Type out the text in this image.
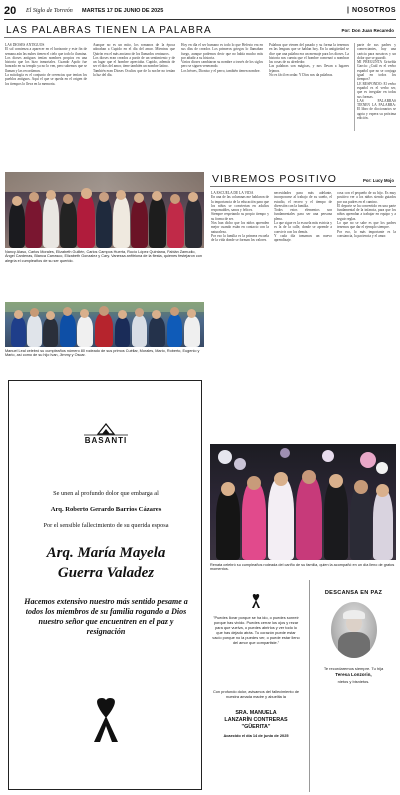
20 El Siglo de Torreón MARTES 17 DE JUNIO DE 2025	| NOSOTROS
LAS PALABRAS TIENEN LA PALABRA	Por: Don Juan Recaredo
LAS DIOSES ANTIGUOS
El sol comienza a aparecer en el horizonte y este fin de semana aún las nubes tienen el cielo que todo lo ilumina. Los dioses antiguos tenían nombres propios en una historia que los hizo inmortales. Cuando Apolo fue honrado en su templo ya no lo ven, pero sabemos que se llaman y las recordamos.
La mitología es el conjunto de creencias que tenían los pueblos antiguos. Aquí el que se queda en el origen de los tiempos lo lleva en la memoria.
Aunque no es un mito, los romanos de la época adoraban a Cupido en el día del amor. Mientras que Quirón era el más anciano de los llamados centauros.
Los dioses eran creados a partir de un sentimiento y de un lugar que el hombre apreciaba. Cupido, además de ser el dios del amor, tiene también un nombre latino.
También eran Dioses Ocultos que de la noche no tenían la luz del día.
Hoy en día el ser humano es todo lo que Hefesto era en sus días de creador. Los primeros griegos lo llamaban fuego, aunque podemos decir que no había mucho más por añadir a su historia.
Varios dioses cambiaron su nombre a través de los siglos pero se siguen venerando.
Los héroes, Dioniso y el perro, también tienen nombre.
Palabras que vienen del pasado y su forma la tenemos en las lenguas que se hablan hoy. En la antigüedad se dice que una palabra era un mensaje para los dioses. La historia nos cuenta que el hombre comenzó a nombrar las cosas de su alrededor.
Las palabras son mágicas, y nos llevan a lugares lejanos.
No es fácil recordar. Y Dios nos da palabras.
parte de sus padres y comerciantes, hay una caricia para nosotros y un dolor que se guardó.
MI PREGUNTA Griselda García: ¿Cuál es el verbo español que no se conjuga igual en todos los tiempos?
LE RESPONDO: El verbo español es el verbo ser, que es irregular en todas sus formas.
LAS PALABRAS TIENEN LA PALABRA: El libro de diccionarios se agota y espera su próxima edición.
Nancy Alaso, Carlos Morales, Elizabeth Guillén, Carlos Campos Huerta, Rocío López Quintana, Fabián Zamudio, Ángel Cardenas, Blanca Carrasco, Elizabeth Gonzalez y Cary. Vanessa anfitriona de la fiesta, quienes festejaron con alegría el cumpleaños de su ser querido.
Manuel Leal celebró su cumpleaños número 80 rodeado de sus primos Cuéllar, Morales, Mario, Roberto, Eugenio y Mario, así como de su hijo Ivan, Jimmy y Oscar.
VIBREMOS POSITIVO	Por: Lucy Mojo
LA ESCUELA DE LA VIDA
En una de las columnas me hablaron de la importancia de la educación para que los niños se conviertan en adultos responsables, sanos y felices.
Siempre respetando su propio tiempo y su forma de ser.
Nos han dicho que los niños aprenden mejor cuando están en contacto con la naturaleza.
Por eso la familia es la primera escuela de la vida donde se forman los valores.
necesidades para más adelante, incorporarse al trabajo de su sueño, el estudio, el recreo y el tiempo de diversión con la familia.
Todos estos elementos son fundamentales para ser una persona plena.
La que sigue es la escuela más estricta y es la de la calle, donde se aprende a convivir con los demás.
Y cada día tomamos un nuevo aprendizaje.
cosa con el pequeño de su hijo. Es muy positivo ver a los niños siendo guiados por sus padres en el camino.
El deporte se ha convertido en una parte fundamental de la infancia, para que los niños aprendan a trabajar en equipo y a seguir reglas.
Lo que no se sabe es que los padres tenemos que dar el ejemplo siempre.
Por eso, lo más importante es la constancia, la paciencia y el amor.
Renata celebró su cumpleaños rodeada del cariño de su familia, quien la acompañó en un día lleno de gratos momentos.
BASANTI
Se unen al profundo dolor que embarga al
Arq. Roberto Gerardo Barrios Cázares
Por el sensible fallecimiento de su querida esposa
Arq. María Mayela
Guerra Valadez
Hacemos extensivo nuestro más sentido pesame a todos los miembros de su familia rogando a Dios nuestro señor que encuentren en el paz y resignación
"Puedes llorar porque se ha ido, o puedes sonreír porque has vivido. Puedes cerrar los ojos y rezar para que vuelva, o puedes abrirlos y ver todo lo que has dejado atrás. Tu corazón puede estar vacío porque no la puedes ver, o puede estar lleno del amor que compartiste."
Con profundo dolor, avisamos del fallecimiento de nuestra amada madre y abuelita la
SRA. MANUELA
LANZARÍN CONTRERAS
"GÜERITA"
Acaecido el día 14 de junio de 2025
DESCANSA EN PAZ
Te recordaremos siempre. Tu hija
Teresa Lonzorin,
nietos y bisnietos.
